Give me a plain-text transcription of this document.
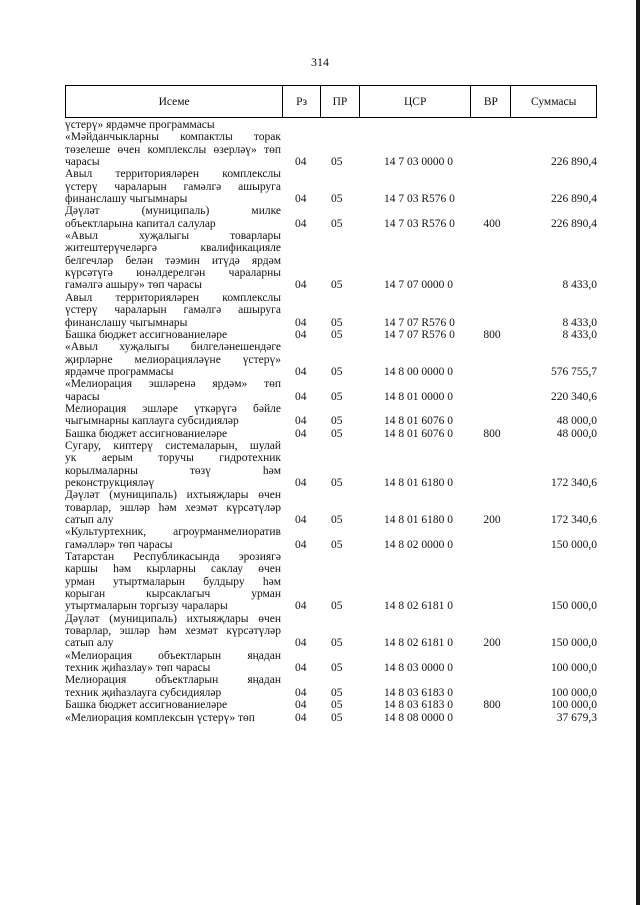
314
Исеме	Рз	ПР	ЦСР	ВР	Суммасы
үстерү» ярдәмче программасы
«Мәйданчыкларны компактлы торак
төзелеше өчен комплекслы өзерләү» төп
чарасы	04	05	14 7 03 0000 0	226 890,4
Авыл территорияләрен комплекслы
үстерү чараларын гамәлгә ашыруга
финанслашу чыгымнары	04	05	14 7 03 R576 0	226 890,4
Дәүләт (муниципаль) милке
объектларына капитал салулар	04	05	14 7 03 R576 0	400	226 890,4
«Авыл хуҗалыгы товарлары
житештерүчеләргә квалификацияле
белгечләр белән тәэмин итүдә ярдәм
күрсәтүгә юнәлдерелгән чараларны
гамәлгә ашыру» төп чарасы	04	05	14 7 07 0000 0	8 433,0
Авыл территорияләрен комплекслы
үстерү чараларын гамәлгә ашыруга
финанслашу чыгымнары	04	05	14 7 07 R576 0	8 433,0
Башка бюджет ассигнованиеләре	04	05	14 7 07 R576 0	800	8 433,0
«Авыл хуҗалыгы билгеләнешендәге
җирләрне мелиорацияләүне үстерү»
ярдәмче программасы	04	05	14 8 00 0000 0	576 755,7
«Мелиорация эшләренә ярдәм» төп
чарасы	04	05	14 8 01 0000 0	220 340,6
Мелиорация эшләре үткәрүгә бәйле
чыгымнарны каплауга субсидияләр	04	05	14 8 01 6076 0	48 000,0
Башка бюджет ассигнованиеләре	04	05	14 8 01 6076 0	800	48 000,0
Сугару, киптерү системаларын, шулай
ук аерым торучы гидротехник
корылмаларны төзү һәм
реконструкцияләү	04	05	14 8 01 6180 0	172 340,6
Дәүләт (муниципаль) ихтыяҗлары өчен
товарлар, эшләр һәм хезмәт күрсәтүләр
сатып алу	04	05	14 8 01 6180 0	200	172 340,6
«Культуртехник, агроурманмелиоратив
гамәлләр» төп чарасы	04	05	14 8 02 0000 0	150 000,0
Татарстан Республикасында эрозиягә
каршы һәм кырларны саклау өчен
урман утыртмаларын булдыру һәм
корыган кырсаклагыч урман
утыртмаларын торгызу чаралары	04	05	14 8 02 6181 0	150 000,0
Дәүләт (муниципаль) ихтыяҗлары өчен
товарлар, эшләр һәм хезмәт күрсәтүләр
сатып алу	04	05	14 8 02 6181 0	200	150 000,0
«Мелиорация объектларын яңадан
техник җиһазлау» төп чарасы	04	05	14 8 03 0000 0	100 000,0
Мелиорация объектларын яңадан
техник җиһазлауга субсидияләр	04	05	14 8 03 6183 0	100 000,0
Башка бюджет ассигнованиеләре	04	05	14 8 03 6183 0	800	100 000,0
«Мелиорация комплексын үстерү» төп	04	05	14 8 08 0000 0	37 679,3
